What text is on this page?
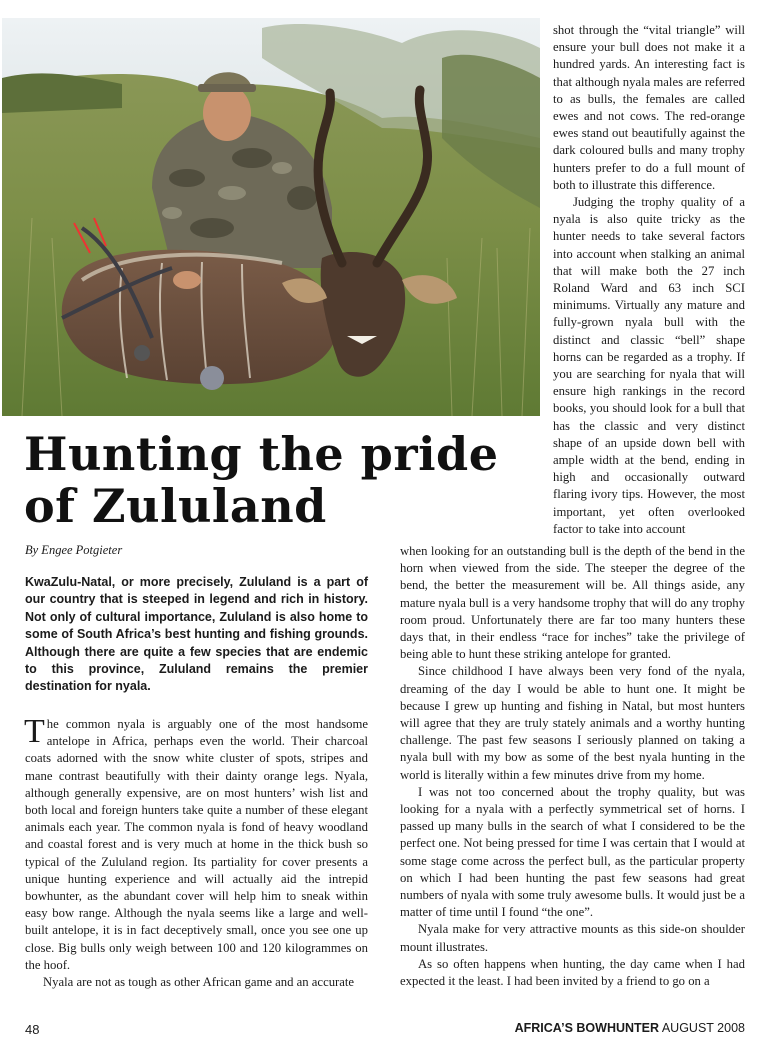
shot through the “vital triangle” will ensure your bull does not make it a hundred yards. An interesting fact is that although nyala males are referred to as bulls, the females are called ewes and not cows. The red-orange ewes stand out beautifully against the dark coloured bulls and many trophy hunters prefer to do a full mount of both to illustrate this difference.

Judging the trophy quality of a nyala is also quite tricky as the hunter needs to take several factors into account when stalking an animal that will make both the 27 inch Roland Ward and 63 inch SCI minimums. Virtually any mature and fully-grown nyala bull with the distinct and classic “bell” shape horns can be regarded as a trophy. If you are searching for nyala that will ensure high rankings in the record books, you should look for a bull that has the classic and very distinct shape of an upside down bell with ample width at the bend, ending in high and occasionally outward flaring ivory tips. However, the most important, yet often overlooked factor to take into account

Hunting the pride
of Zululand
By Engee Potgieter

KwaZulu-Natal, or more precisely, Zululand is a part of our country that is steeped in legend and rich in history. Not only of cultural importance, Zululand is also home to some of South Africa’s best hunting and fishing grounds. Although there are quite a few species that are endemic to this province, Zululand remains the premier destination for nyala.

The common nyala is arguably one of the most handsome antelope in Africa, perhaps even the world. Their charcoal coats adorned with the snow white cluster of spots, stripes and mane contrast beautifully with their dainty orange legs. Nyala, although generally expensive, are on most hunters’ wish list and both local and foreign hunters take quite a number of these elegant animals each year. The common nyala is fond of heavy woodland and coastal forest and is very much at home in the thick bush so typical of the Zululand region. Its partiality for cover presents a unique hunting experience and will actually aid the intrepid bowhunter, as the abundant cover will help him to sneak within easy bow range. Although the nyala seems like a large and well-built antelope, it is in fact deceptively small, once you see one up close. Big bulls only weigh between 100 and 120 kilogrammes on the hoof.

Nyala are not as tough as other African game and an accurate

when looking for an outstanding bull is the depth of the bend in the horn when viewed from the side. The steeper the degree of the bend, the better the measurement will be. All things aside, any mature nyala bull is a very handsome trophy that will do any trophy room proud. Unfortunately there are far too many hunters these days that, in their endless “race for inches” take the privilege of being able to hunt these striking antelope for granted.

Since childhood I have always been very fond of the nyala, dreaming of the day I would be able to hunt one. It might be because I grew up hunting and fishing in Natal, but most hunters will agree that they are truly stately animals and a worthy hunting challenge. The past few seasons I seriously planned on taking a nyala bull with my bow as some of the best nyala hunting in the world is literally within a few minutes drive from my home.

I was not too concerned about the trophy quality, but was looking for a nyala with a perfectly symmetrical set of horns. I passed up many bulls in the search of what I considered to be the perfect one. Not being pressed for time I was certain that I would at some stage come across the perfect bull, as the particular property on which I had been hunting the past few seasons had great numbers of nyala with some truly awesome bulls. It would just be a matter of time until I found “the one”.

Nyala make for very attractive mounts as this side-on shoulder mount illustrates.

As so often happens when hunting, the day came when I had expected it the least. I had been invited by a friend to go on a

48	AFRICA’S BOWHUNTER AUGUST 2008
